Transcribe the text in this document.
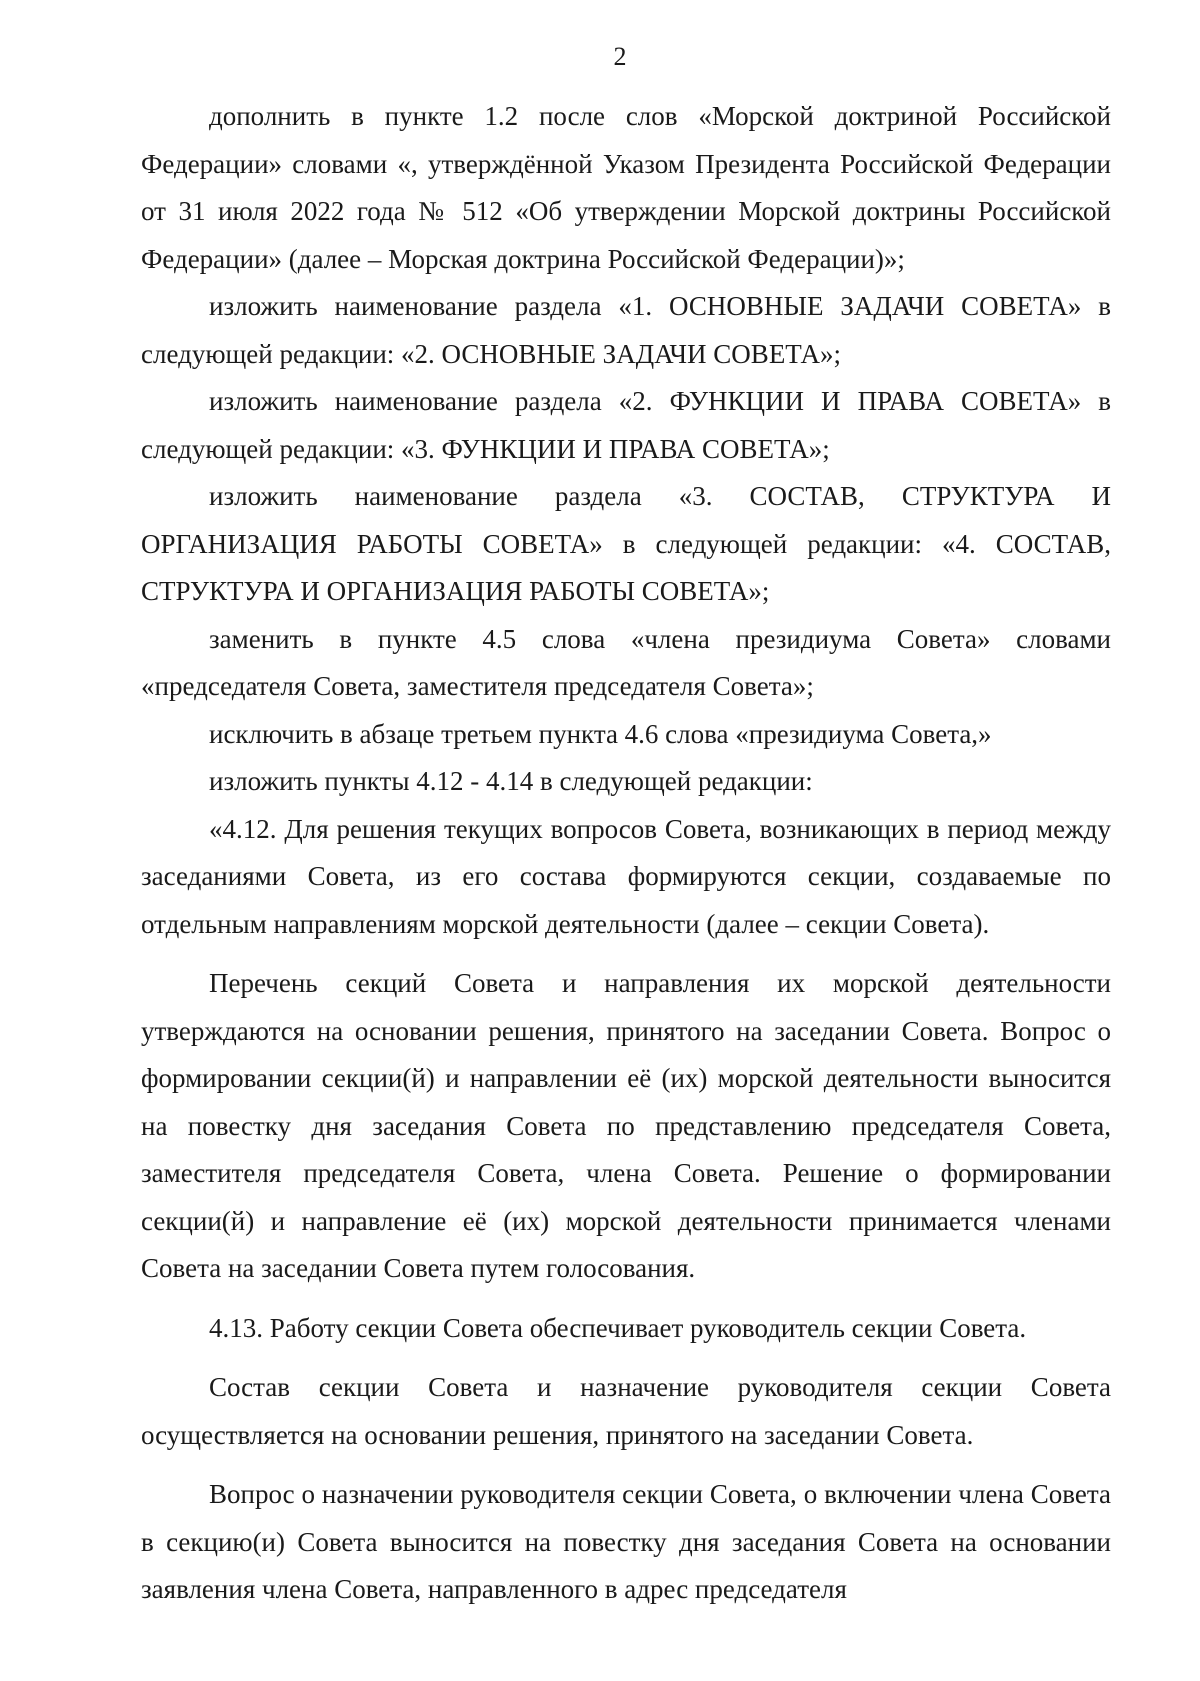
2

дополнить в пункте 1.2 после слов «Морской доктриной Российской Федерации» словами «, утверждённой Указом Президента Российской Федерации от 31 июля 2022 года № 512 «Об утверждении Морской доктрины Российской Федерации» (далее – Морская доктрина Российской Федерации)»;

изложить наименование раздела «1. ОСНОВНЫЕ ЗАДАЧИ СОВЕТА» в следующей редакции: «2. ОСНОВНЫЕ ЗАДАЧИ СОВЕТА»;

изложить наименование раздела «2. ФУНКЦИИ И ПРАВА СОВЕТА» в следующей редакции: «3. ФУНКЦИИ И ПРАВА СОВЕТА»;

изложить наименование раздела «3. СОСТАВ, СТРУКТУРА И ОРГАНИЗАЦИЯ РАБОТЫ СОВЕТА» в следующей редакции: «4. СОСТАВ, СТРУКТУРА И ОРГАНИЗАЦИЯ РАБОТЫ СОВЕТА»;

заменить в пункте 4.5 слова «члена президиума Совета» словами «председателя Совета, заместителя председателя Совета»;

исключить в абзаце третьем пункта 4.6 слова «президиума Совета,»

изложить пункты 4.12 - 4.14 в следующей редакции:

«4.12. Для решения текущих вопросов Совета, возникающих в период между заседаниями Совета, из его состава формируются секции, создаваемые по отдельным направлениям морской деятельности (далее – секции Совета).

Перечень секций Совета и направления их морской деятельности утверждаются на основании решения, принятого на заседании Совета. Вопрос о формировании секции(й) и направлении её (их) морской деятельности выносится на повестку дня заседания Совета по представлению председателя Совета, заместителя председателя Совета, члена Совета. Решение о формировании секции(й) и направление её (их) морской деятельности принимается членами Совета на заседании Совета путем голосования.

4.13. Работу секции Совета обеспечивает руководитель секции Совета.

Состав секции Совета и назначение руководителя секции Совета осуществляется на основании решения, принятого на заседании Совета.

Вопрос о назначении руководителя секции Совета, о включении члена Совета в секцию(и) Совета выносится на повестку дня заседания Совета на основании заявления члена Совета, направленного в адрес председателя
